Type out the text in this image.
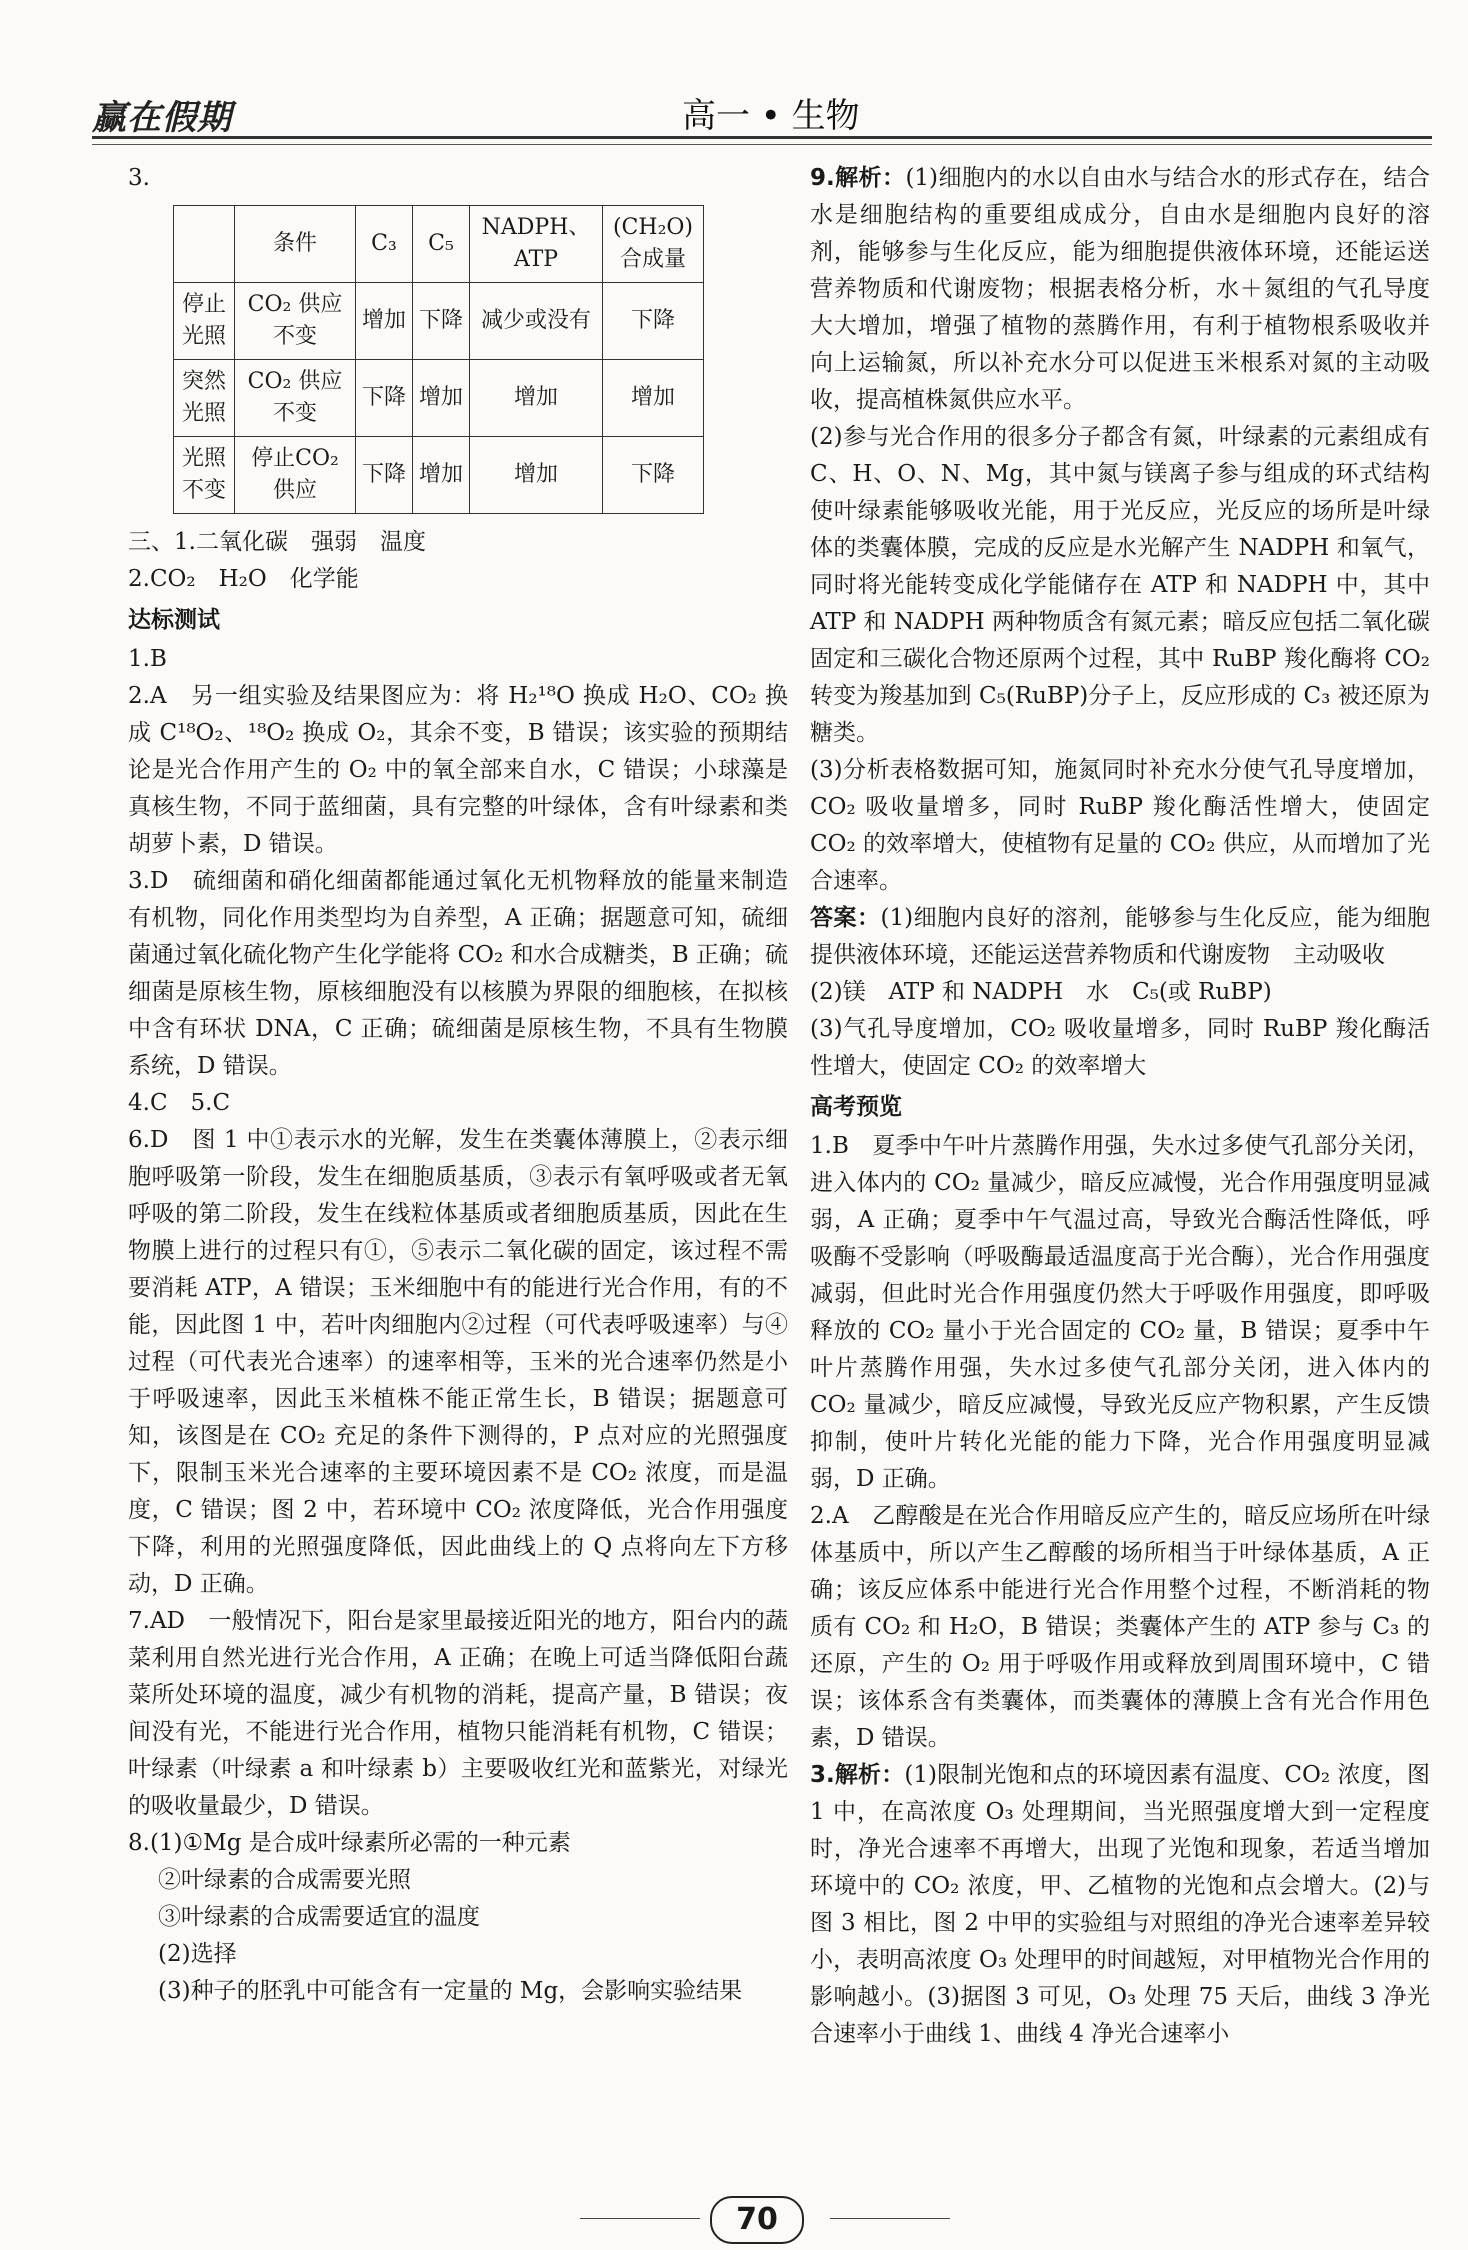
赢在假期	高一 • 生物

3.

	条件	C₃	C₅	NADPH、ATP	(CH₂O)合成量
停止光照	CO₂ 供应不变	增加	下降	减少或没有	下降
突然光照	CO₂ 供应不变	下降	增加	增加	增加
光照不变	停止CO₂ 供应	下降	增加	增加	下降

三、1.二氧化碳　强弱　温度

2.CO₂　H₂O　化学能

达标测试

1.B

2.A　另一组实验及结果图应为：将 H₂¹⁸O 换成 H₂O、CO₂ 换成 C¹⁸O₂、¹⁸O₂ 换成 O₂，其余不变，B 错误；该实验的预期结论是光合作用产生的 O₂ 中的氧全部来自水，C 错误；小球藻是真核生物，不同于蓝细菌，具有完整的叶绿体，含有叶绿素和类胡萝卜素，D 错误。

3.D　硫细菌和硝化细菌都能通过氧化无机物释放的能量来制造有机物，同化作用类型均为自养型，A 正确；据题意可知，硫细菌通过氧化硫化物产生化学能将 CO₂ 和水合成糖类，B 正确；硫细菌是原核生物，原核细胞没有以核膜为界限的细胞核，在拟核中含有环状 DNA，C 正确；硫细菌是原核生物，不具有生物膜系统，D 错误。

4.C　5.C

6.D　图 1 中①表示水的光解，发生在类囊体薄膜上，②表示细胞呼吸第一阶段，发生在细胞质基质，③表示有氧呼吸或者无氧呼吸的第二阶段，发生在线粒体基质或者细胞质基质，因此在生物膜上进行的过程只有①，⑤表示二氧化碳的固定，该过程不需要消耗 ATP，A 错误；玉米细胞中有的能进行光合作用，有的不能，因此图 1 中，若叶肉细胞内②过程（可代表呼吸速率）与④过程（可代表光合速率）的速率相等，玉米的光合速率仍然是小于呼吸速率，因此玉米植株不能正常生长，B 错误；据题意可知，该图是在 CO₂ 充足的条件下测得的，P 点对应的光照强度下，限制玉米光合速率的主要环境因素不是 CO₂ 浓度，而是温度，C 错误；图 2 中，若环境中 CO₂ 浓度降低，光合作用强度下降，利用的光照强度降低，因此曲线上的 Q 点将向左下方移动，D 正确。

7.AD　一般情况下，阳台是家里最接近阳光的地方，阳台内的蔬菜利用自然光进行光合作用，A 正确；在晚上可适当降低阳台蔬菜所处环境的温度，减少有机物的消耗，提高产量，B 错误；夜间没有光，不能进行光合作用，植物只能消耗有机物，C 错误；叶绿素（叶绿素 a 和叶绿素 b）主要吸收红光和蓝紫光，对绿光的吸收量最少，D 错误。

8.(1)①Mg 是合成叶绿素所必需的一种元素

②叶绿素的合成需要光照

③叶绿素的合成需要适宜的温度

(2)选择

(3)种子的胚乳中可能含有一定量的 Mg，会影响实验结果

9.解析：(1)细胞内的水以自由水与结合水的形式存在，结合水是细胞结构的重要组成成分，自由水是细胞内良好的溶剂，能够参与生化反应，能为细胞提供液体环境，还能运送营养物质和代谢废物；根据表格分析，水＋氮组的气孔导度大大增加，增强了植物的蒸腾作用，有利于植物根系吸收并向上运输氮，所以补充水分可以促进玉米根系对氮的主动吸收，提高植株氮供应水平。

(2)参与光合作用的很多分子都含有氮，叶绿素的元素组成有 C、H、O、N、Mg，其中氮与镁离子参与组成的环式结构使叶绿素能够吸收光能，用于光反应，光反应的场所是叶绿体的类囊体膜，完成的反应是水光解产生 NADPH 和氧气，同时将光能转变成化学能储存在 ATP 和 NADPH 中，其中 ATP 和 NADPH 两种物质含有氮元素；暗反应包括二氧化碳固定和三碳化合物还原两个过程，其中 RuBP 羧化酶将 CO₂ 转变为羧基加到 C₅(RuBP)分子上，反应形成的 C₃ 被还原为糖类。

(3)分析表格数据可知，施氮同时补充水分使气孔导度增加，CO₂ 吸收量增多，同时 RuBP 羧化酶活性增大，使固定 CO₂ 的效率增大，使植物有足量的 CO₂ 供应，从而增加了光合速率。

答案：(1)细胞内良好的溶剂，能够参与生化反应，能为细胞提供液体环境，还能运送营养物质和代谢废物　主动吸收

(2)镁　ATP 和 NADPH　水　C₅(或 RuBP)

(3)气孔导度增加，CO₂ 吸收量增多，同时 RuBP 羧化酶活性增大，使固定 CO₂ 的效率增大

高考预览

1.B　夏季中午叶片蒸腾作用强，失水过多使气孔部分关闭，进入体内的 CO₂ 量减少，暗反应减慢，光合作用强度明显减弱，A 正确；夏季中午气温过高，导致光合酶活性降低，呼吸酶不受影响（呼吸酶最适温度高于光合酶），光合作用强度减弱，但此时光合作用强度仍然大于呼吸作用强度，即呼吸释放的 CO₂ 量小于光合固定的 CO₂ 量，B 错误；夏季中午叶片蒸腾作用强，失水过多使气孔部分关闭，进入体内的 CO₂ 量减少，暗反应减慢，导致光反应产物积累，产生反馈抑制，使叶片转化光能的能力下降，光合作用强度明显减弱，D 正确。

2.A　乙醇酸是在光合作用暗反应产生的，暗反应场所在叶绿体基质中，所以产生乙醇酸的场所相当于叶绿体基质，A 正确；该反应体系中能进行光合作用整个过程，不断消耗的物质有 CO₂ 和 H₂O，B 错误；类囊体产生的 ATP 参与 C₃ 的还原，产生的 O₂ 用于呼吸作用或释放到周围环境中，C 错误；该体系含有类囊体，而类囊体的薄膜上含有光合作用色素，D 错误。

3.解析：(1)限制光饱和点的环境因素有温度、CO₂ 浓度，图 1 中，在高浓度 O₃ 处理期间，当光照强度增大到一定程度时，净光合速率不再增大，出现了光饱和现象，若适当增加环境中的 CO₂ 浓度，甲、乙植物的光饱和点会增大。(2)与图 3 相比，图 2 中甲的实验组与对照组的净光合速率差异较小，表明高浓度 O₃ 处理甲的时间越短，对甲植物光合作用的影响越小。(3)据图 3 可见，O₃ 处理 75 天后，曲线 3 净光合速率小于曲线 1、曲线 4 净光合速率小

70
